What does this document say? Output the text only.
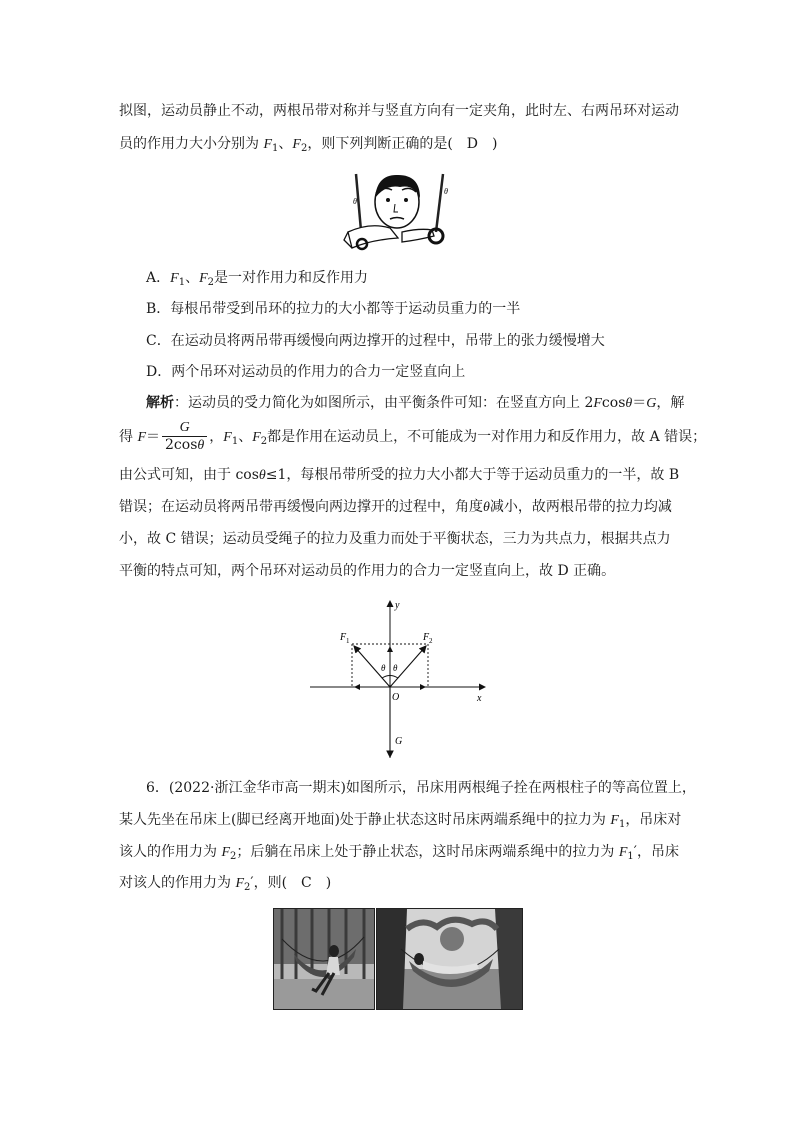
拟图，运动员静止不动，两根吊带对称并与竖直方向有一定夹角，此时左、右两吊环对运动
员的作用力大小分别为 $F_1$、$F_2$，则下列判断正确的是(　D　)
θ
θ
A．$F_1$、$F_2$是一对作用力和反作用力
B．每根吊带受到吊环的拉力的大小都等于运动员重力的一半
C．在运动员将两吊带再缓慢向两边撑开的过程中，吊带上的张力缓慢增大
D．两个吊环对运动员的作用力的合力一定竖直向上
解析：运动员的受力简化为如图所示，由平衡条件可知：在竖直方向上 2Fcosθ＝G，解
得 $F= \frac{G}{2\cos\theta}$ ，$F_1$、$F_2$都是作用在运动员上，不可能成为一对作用力和反作用力，故 A 错误；
由公式可知，由于 cosθ≤1，每根吊带所受的拉力大小都大于等于运动员重力的一半，故 B
错误；在运动员将两吊带再缓慢向两边撑开的过程中，角度θ减小，故两根吊带的拉力均减
小，故 C 错误；运动员受绳子的拉力及重力而处于平衡状态，三力为共点力，根据共点力
平衡的特点可知，两个吊环对运动员的作用力的合力一定竖直向上，故 D 正确。
y
x
O
F 1	F 2
G
θ θ
6．(2022·浙江金华市高一期末)如图所示，吊床用两根绳子拴在两根柱子的等高位置上，
某人先坐在吊床上(脚已经离开地面)处于静止状态这时吊床两端系绳中的拉力为 $F_1$，吊床对
该人的作用力为 $F_2$；后躺在吊床上处于静止状态，这时吊床两端系绳中的拉力为 $F_1'$，吊床
对该人的作用力为 $F_2'$，则(　C　)
